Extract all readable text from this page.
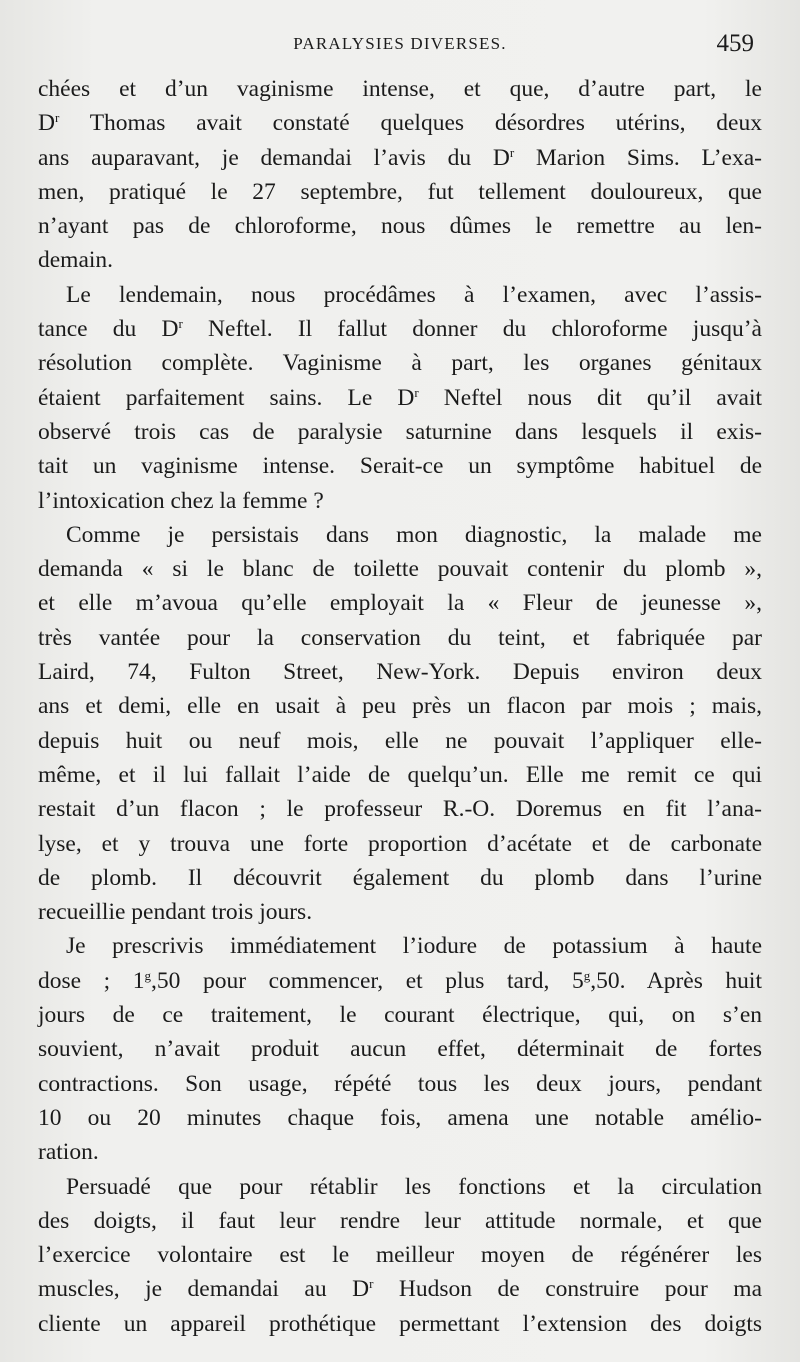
PARALYSIES DIVERSES.	459
chées et d’un vaginisme intense, et que, d’autre part, le
$D^r$ Thomas avait constaté quelques désordres utérins, deux
ans auparavant, je demandai l’avis du $D^r$ Marion Sims. L’exa-
men, pratiqué le 27 septembre, fut tellement douloureux, que
n’ayant pas de chloroforme, nous dûmes le remettre au len-
demain.
Le lendemain, nous procédâmes à l’examen, avec l’assis-
tance du $D^r$ Neftel. Il fallut donner du chloroforme jusqu’à
résolution complète. Vaginisme à part, les organes génitaux
étaient parfaitement sains. Le $D^r$ Neftel nous dit qu’il avait
observé trois cas de paralysie saturnine dans lesquels il exis-
tait un vaginisme intense. Serait-ce un symptôme habituel de
l’intoxication chez la femme ?
Comme je persistais dans mon diagnostic, la malade me
demanda « si le blanc de toilette pouvait contenir du plomb »,
et elle m’avoua qu’elle employait la « Fleur de jeunesse »,
très vantée pour la conservation du teint, et fabriquée par
Laird, 74, Fulton Street, New-York. Depuis environ deux
ans et demi, elle en usait à peu près un flacon par mois ; mais,
depuis huit ou neuf mois, elle ne pouvait l’appliquer elle-
même, et il lui fallait l’aide de quelqu’un. Elle me remit ce qui
restait d’un flacon ; le professeur R.-O. Doremus en fit l’ana-
lyse, et y trouva une forte proportion d’acétate et de carbonate
de plomb. Il découvrit également du plomb dans l’urine
recueillie pendant trois jours.
Je prescrivis immédiatement l’iodure de potassium à haute
dose ; 1$^g$,50 pour commencer, et plus tard, 5$^g$,50. Après huit
jours de ce traitement, le courant électrique, qui, on s’en
souvient, n’avait produit aucun effet, déterminait de fortes
contractions. Son usage, répété tous les deux jours, pendant
10 ou 20 minutes chaque fois, amena une notable amélio-
ration.
Persuadé que pour rétablir les fonctions et la circulation
des doigts, il faut leur rendre leur attitude normale, et que
l’exercice volontaire est le meilleur moyen de régénérer les
muscles, je demandai au $D^r$ Hudson de construire pour ma
cliente un appareil prothétique permettant l’extension des doigts
